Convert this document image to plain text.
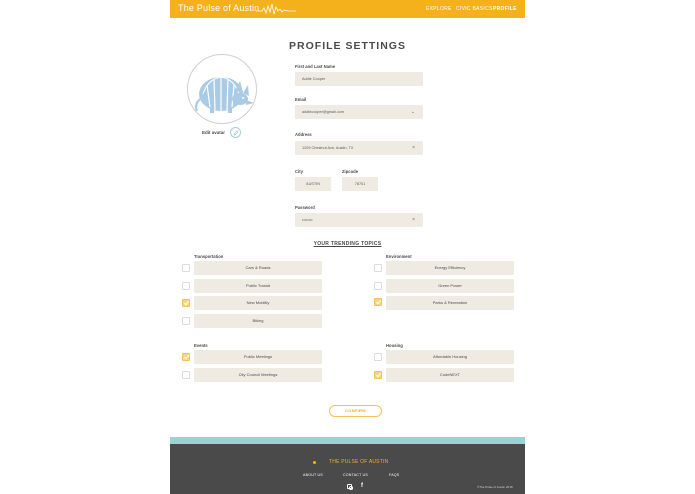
The Pulse of Austin	EXPLORE CIVIC BASICS PROFILE
PROFILE SETTINGS
Edit avatar
First and Last Name
Addie Cooper
Email
addiecooper@gmail.com	⌄
Address
1209 Chestnut Ave, Austin, TX	×
City
AUSTIN
Zipcode
78701
Password
••••••••	×
YOUR TRENDING TOPICS
Transportation
Cars & Roads
Public Transit
New Mobility
Biking
Environment
Energy Efficiency
Green Power
Parks & Recreation
Events
Public Meetings
City Council Meetings
Housing
Affordable Housing
CodeNEXT
CONFIRM
THE PULSE OF AUSTIN
ABOUT US	CONTACT US	FAQS
f	©The Pulse of Austin 2018
